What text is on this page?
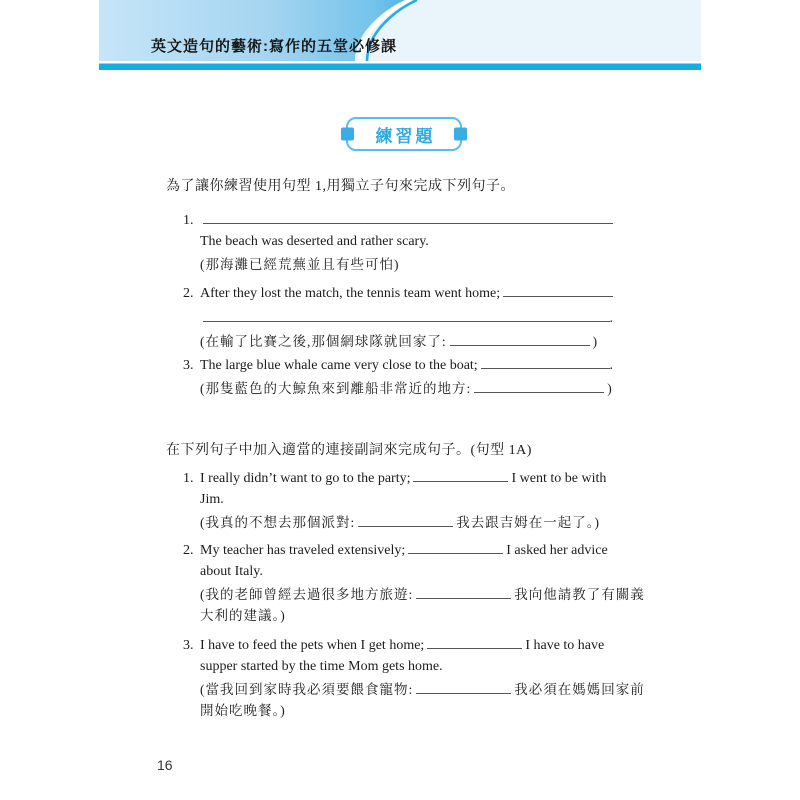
英文造句的藝術:寫作的五堂必修課
練習題
為了讓你練習使用句型 1,用獨立子句來完成下列句子。
1.
The beach was deserted and rather scary.
(那海灘已經荒蕪並且有些可怕)
2. After they lost the match, the tennis team went home;
.
(在輸了比賽之後,那個網球隊就回家了:	)
3. The large blue whale came very close to the boat;	.
(那隻藍色的大鯨魚來到離船非常近的地方:	)
在下列句子中加入適當的連接副詞來完成句子。(句型 1A)
1. I really didn’t want to go to the party;	I went to be with
Jim.
(我真的不想去那個派對:	我去跟吉姆在一起了。)
2. My teacher has traveled extensively;	I asked her advice
about Italy.
(我的老師曾經去過很多地方旅遊:	我向他請教了有關義
大利的建議。)
3. I have to feed the pets when I get home;	I have to have
supper started by the time Mom gets home.
(當我回到家時我必須要餵食寵物:	我必須在媽媽回家前
開始吃晚餐。)
16
